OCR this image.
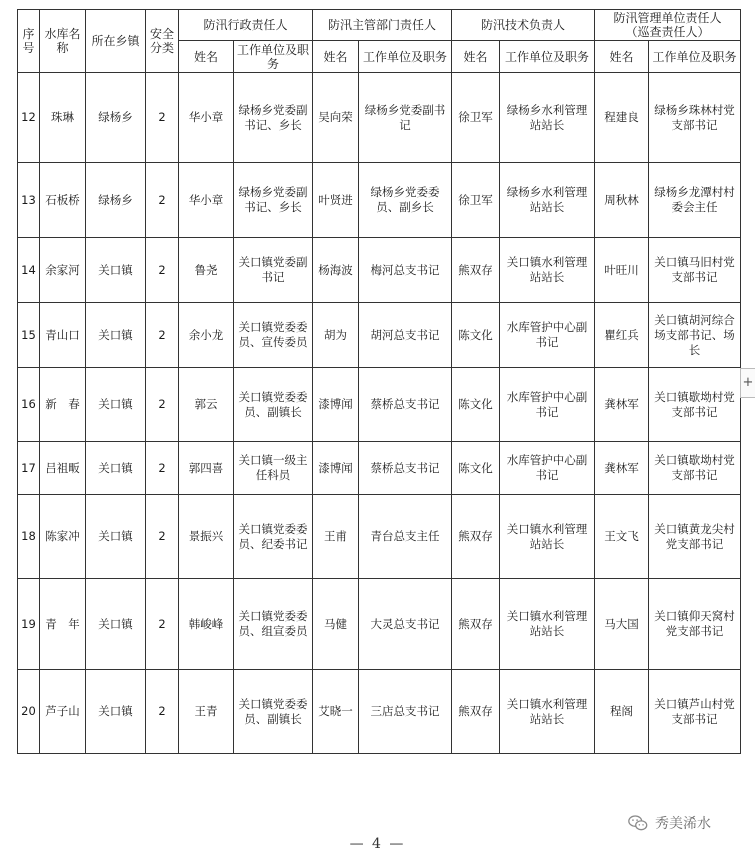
序号	水库名称	所在乡镇	安全分类	防汛行政责任人		防汛主管部门责任人		防汛技术负责人		防汛管理单位责任人
（巡查责任人）	

				姓名	工作单位及职务	姓名	工作单位及职务	姓名	工作单位及职务	姓名	工作单位及职务
12	珠琳	绿杨乡	2	华小章	绿杨乡党委副书记、乡长	吴向荣	绿杨乡党委副书记	徐卫军	绿杨乡水利管理站站长	程建良	绿杨乡珠林村党支部书记
13	石板桥	绿杨乡	2	华小章	绿杨乡党委副书记、乡长	叶贤进	绿杨乡党委委员、副乡长	徐卫军	绿杨乡水利管理站站长	周秋林	绿杨乡龙潭村村委会主任
14	余家河	关口镇	2	鲁尧	关口镇党委副书记	杨海波	梅河总支书记	熊双存	关口镇水利管理站站长	叶旺川	关口镇马旧村党支部书记
15	青山口	关口镇	2	余小龙	关口镇党委委员、宣传委员	胡为	胡河总支书记	陈文化	水库管护中心副书记	瞿红兵	关口镇胡河综合场支部书记、场长
16	新　春	关口镇	2	郭云	关口镇党委委员、副镇长	漆博闻	蔡桥总支书记	陈文化	水库管护中心副书记	龚林军	关口镇歇坳村党支部书记
17	吕祖畈	关口镇	2	郭四喜	关口镇一级主任科员	漆博闻	蔡桥总支书记	陈文化	水库管护中心副书记	龚林军	关口镇歇坳村党支部书记
18	陈家冲	关口镇	2	景振兴	关口镇党委委员、纪委书记	王甫	青台总支主任	熊双存	关口镇水利管理站站长	王文飞	关口镇黄龙尖村党支部书记
19	青　年	关口镇	2	韩峻峰	关口镇党委委员、组宣委员	马健	大灵总支书记	熊双存	关口镇水利管理站站长	马大国	关口镇仰天窝村党支部书记
20	芦子山	关口镇	2	王青	关口镇党委委员、副镇长	艾晓一	三店总支书记	熊双存	关口镇水利管理站站长	程阁	关口镇芦山村党支部书记
+
秀美浠水
— 4 —
